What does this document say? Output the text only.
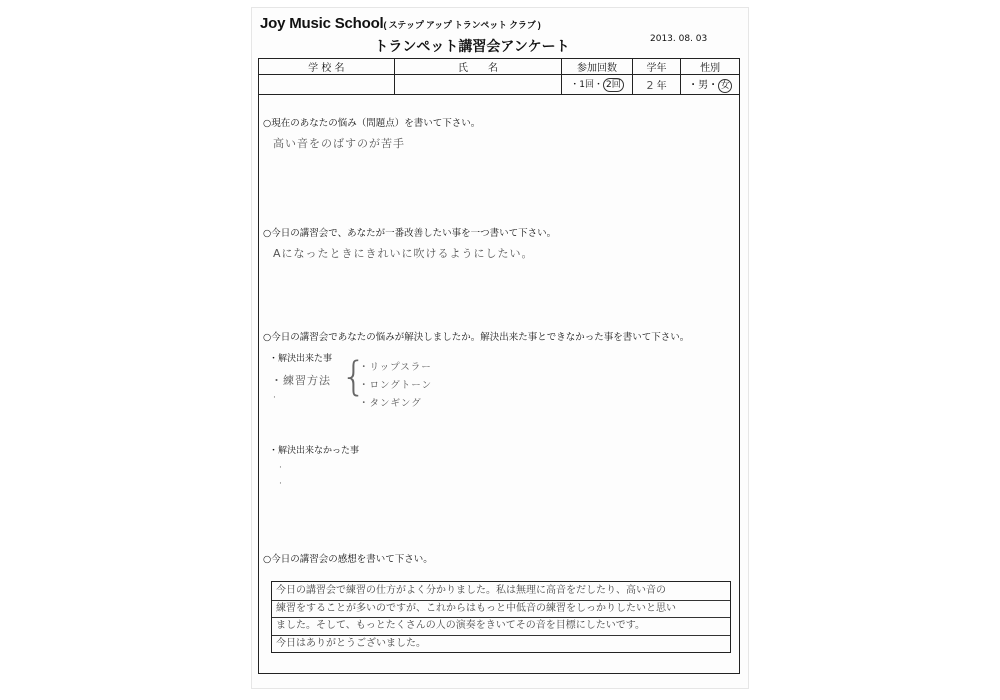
Joy Music School( ステップ アップ トランペット クラブ )
2013. 08. 03
トランペット講習会アンケート
学 校 名	氏　　名	参加回数	学年	性別
		・1回・ 2回	2 年	・男・ 女
○現在のあなたの悩み（問題点）を書いて下さい。
高い音をのばすのが苦手
○今日の講習会で、あなたが一番改善したい事を一つ書いて下さい。
Aになったときにきれいに吹けるようにしたい。
○今日の講習会であなたの悩みが解決しましたか。解決出来た事とできなかった事を書いて下さい。
・解決出来た事
・練習方法 {
・リップスラー
・ロングトーン
・タンギング
·
・解決出来なかった事
·
·
○今日の講習会の感想を書いて下さい。
今日の講習会で練習の仕方がよく分かりました。私は無理に高音をだしたり、高い音の
練習をすることが多いのですが、これからはもっと中低音の練習をしっかりしたいと思い
ました。そして、もっとたくさんの人の演奏をきいてその音を目標にしたいです。
今日はありがとうございました。
